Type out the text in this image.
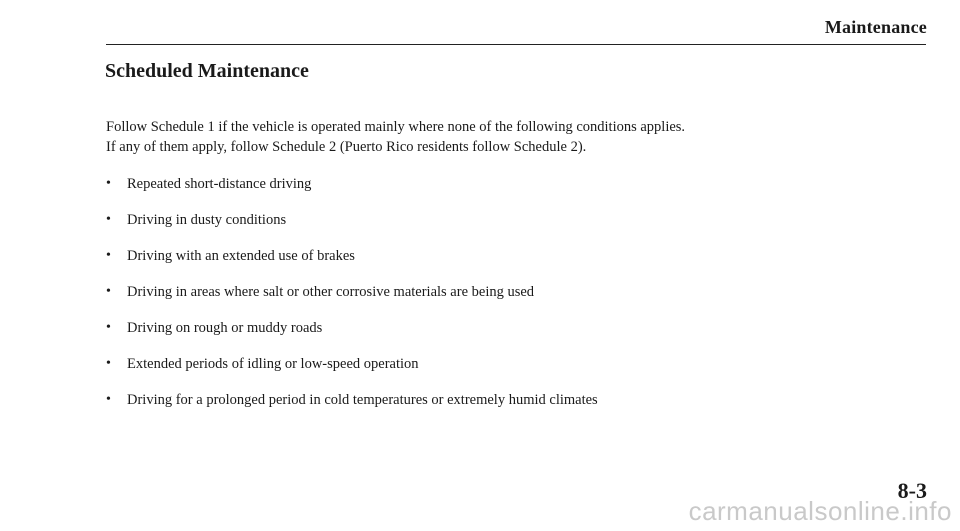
Maintenance
Scheduled Maintenance

Follow Schedule 1 if the vehicle is operated mainly where none of the following conditions applies.
If any of them apply, follow Schedule 2 (Puerto Rico residents follow Schedule 2).

•	Repeated short-distance driving
•	Driving in dusty conditions
•	Driving with an extended use of brakes
•	Driving in areas where salt or other corrosive materials are being used
•	Driving on rough or muddy roads
•	Extended periods of idling or low-speed operation
•	Driving for a prolonged period in cold temperatures or extremely humid climates
8-3
carmanualsonline.info
